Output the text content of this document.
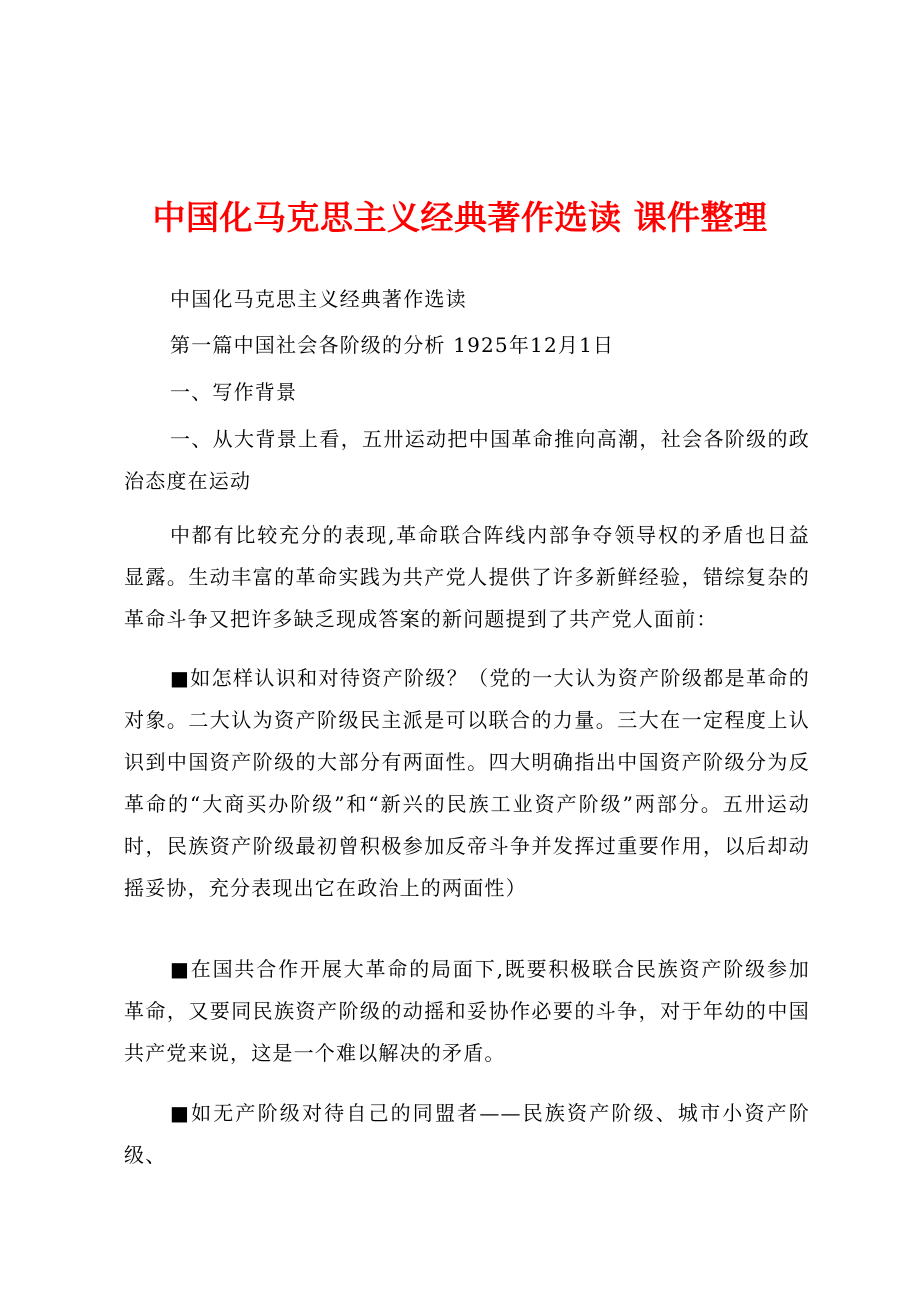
中国化马克思主义经典著作选读 课件整理

中国化马克思主义经典著作选读

第一篇中国社会各阶级的分析 1925年12月1日

一、写作背景

一、从大背景上看，五卅运动把中国革命推向高潮，社会各阶级的政治态度在运动

中都有比较充分的表现,革命联合阵线内部争夺领导权的矛盾也日益显露。生动丰富的革命实践为共产党人提供了许多新鲜经验，错综复杂的革命斗争又把许多缺乏现成答案的新问题提到了共产党人面前：

■如怎样认识和对待资产阶级？（党的一大认为资产阶级都是革命的对象。二大认为资产阶级民主派是可以联合的力量。三大在一定程度上认识到中国资产阶级的大部分有两面性。四大明确指出中国资产阶级分为反革命的“大商买办阶级”和“新兴的民族工业资产阶级”两部分。五卅运动时，民族资产阶级最初曾积极参加反帝斗争并发挥过重要作用，以后却动摇妥协，充分表现出它在政治上的两面性）

■在国共合作开展大革命的局面下,既要积极联合民族资产阶级参加革命，又要同民族资产阶级的动摇和妥协作必要的斗争，对于年幼的中国共产党来说，这是一个难以解决的矛盾。

■如无产阶级对待自己的同盟者——民族资产阶级、城市小资产阶级、
